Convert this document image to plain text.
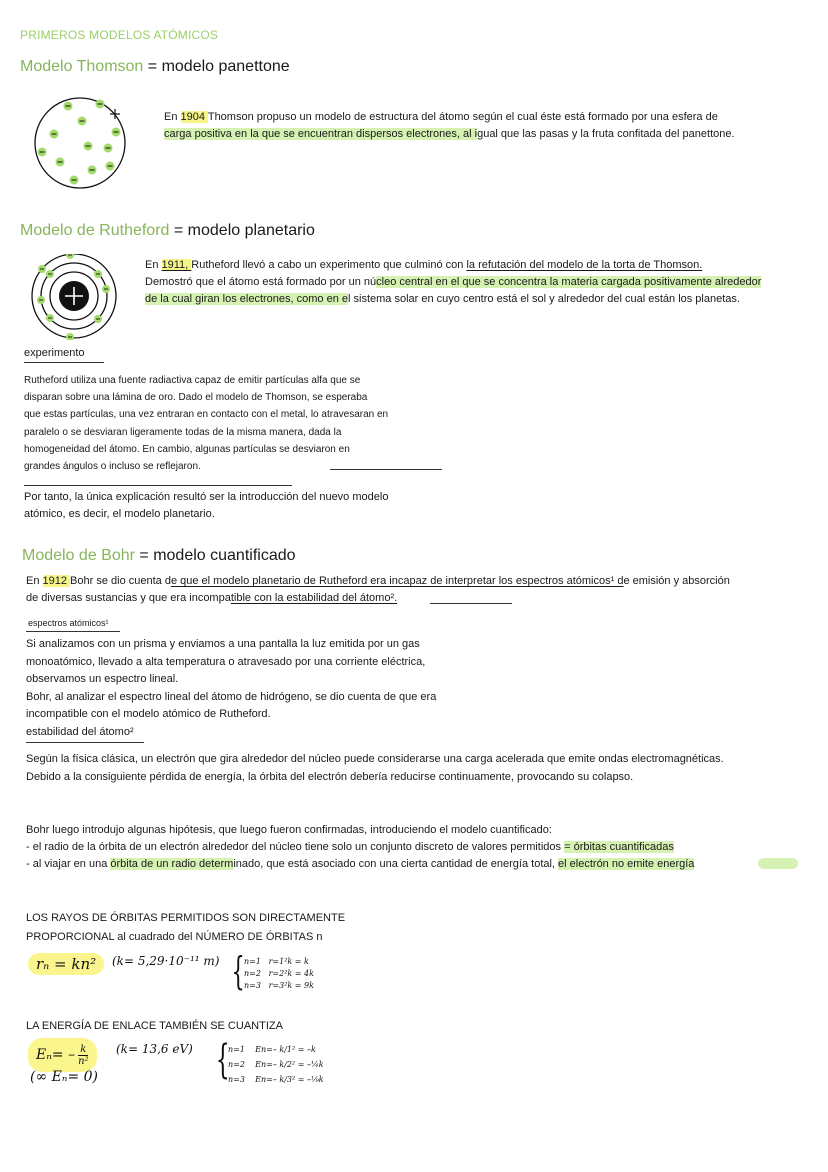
PRIMEROS MODELOS ATÓMICOS
Modelo Thomson = modelo panettone
En 1904 Thomson propuso un modelo de estructura del átomo según el cual éste está formado por una esfera de
carga positiva en la que se encuentran dispersos electrones, al igual que las pasas y la fruta confitada del panettone.
Modelo de Rutheford = modelo planetario
En 1911, Rutheford llevó a cabo un experimento que culminó con la refutación del modelo de la torta de Thomson.
Demostró que el átomo está formado por un núcleo central en el que se concentra la materia cargada positivamente alrededor
de la cual giran los electrones, como en el sistema solar en cuyo centro está el sol y alrededor del cual están los planetas.
experimento
Rutheford utiliza una fuente radiactiva capaz de emitir partículas alfa que se
disparan sobre una lámina de oro. Dado el modelo de Thomson, se esperaba
que estas partículas, una vez entraran en contacto con el metal, lo atravesaran en
paralelo o se desviaran ligeramente todas de la misma manera, dada la
homogeneidad del átomo. En cambio, algunas partículas se desviaron en
grandes ángulos o incluso se reflejaron.
Por tanto, la única explicación resultó ser la introducción del nuevo modelo
atómico, es decir, el modelo planetario.
Modelo de Bohr = modelo cuantificado
En 1912 Bohr se dio cuenta de que el modelo planetario de Rutheford era incapaz de interpretar los espectros atómicos¹ de emisión y absorción
de diversas sustancias y que era incompatible con la estabilidad del átomo².
espectros atómicos¹
Si analizamos con un prisma y enviamos a una pantalla la luz emitida por un gas
monoatómico, llevado a alta temperatura o atravesado por una corriente eléctrica,
observamos un espectro lineal.
Bohr, al analizar el espectro lineal del átomo de hidrógeno, se dio cuenta de que era
incompatible con el modelo atómico de Rutheford.
estabilidad del átomo²
Según la física clásica, un electrón que gira alrededor del núcleo puede considerarse una carga acelerada que emite ondas electromagnéticas.
Debido a la consiguiente pérdida de energía, la órbita del electrón debería reducirse continuamente, provocando su colapso.
Bohr luego introdujo algunas hipótesis, que luego fueron confirmadas, introduciendo el modelo cuantificado:
- el radio de la órbita de un electrón alrededor del núcleo tiene solo un conjunto discreto de valores permitidos = órbitas cuantificadas
- al viajar en una órbita de un radio determinado, que está asociado con una cierta cantidad de energía total, el electrón no emite energía
LOS RAYOS DE ÓRBITAS PERMITIDOS SON DIRECTAMENTE
PROPORCIONAL al cuadrado del NÚMERO DE ÓRBITAS n
rₙ = kn²	(k= 5,29·10⁻¹¹ m) { n=1 r=1²k = k
n=2 r=2²k = 4k
n=3 r=3²k = 9k
LA ENERGÍA DE ENLACE TAMBIÉN SE CUANTIZA
$E_n= - \frac{k}{\text{n²}} (k= 13,6$ eV)
(∞ Eₙ= 0)	{
n=1 En=– k/1² = –k
n=2 En=– k/2² = –¼k
n=3 En=– k/3² = –⅑k
